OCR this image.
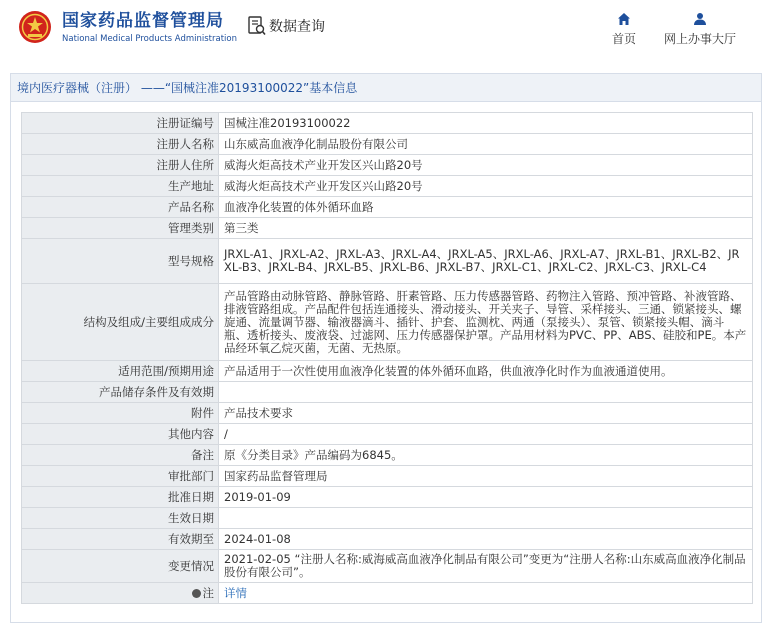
国家药品监督管理局
National Medical Products Administration
数据查询
首页 网上办事大厅
境内医疗器械（注册） ——“国械注准20193100022”基本信息
注册证编号	国械注准20193100022
注册人名称	山东威高血液净化制品股份有限公司
注册人住所	威海火炬高技术产业开发区兴山路20号
生产地址	威海火炬高技术产业开发区兴山路20号
产品名称	血液净化装置的体外循环血路
管理类别	第三类
型号规格	JRXL-A1、JRXL-A2、JRXL-A3、JRXL-A4、JRXL-A5、JRXL-A6、JRXL-A7、JRXL-B1、JRXL-B2、JRXL-B3、JRXL-B4、JRXL-B5、JRXL-B6、JRXL-B7、JRXL-C1、JRXL-C2、JRXL-C3、JRXL-C4
结构及组成/主要组成成分	产品管路由动脉管路、静脉管路、肝素管路、压力传感器管路、药物注入管路、预冲管路、补液管路、排液管路组成。产品配件包括连通接头、滑动接头、开关夹子、导管、采样接头、三通、锁紧接头、螺旋通、流量调节器、输液器滴斗、插针、护套、监测枕、两通（泵接头）、泵管、锁紧接头帽、滴斗瓶、透析接头、废液袋、过滤网、压力传感器保护罩。产品用材料为PVC、PP、ABS、硅胶和PE。本产品经环氧乙烷灭菌，无菌、无热原。
适用范围/预期用途	产品适用于一次性使用血液净化装置的体外循环血路，供血液净化时作为血液通道使用。
产品储存条件及有效期	
附件	产品技术要求
其他内容	/
备注	原《分类目录》产品编码为6845。
审批部门	国家药品监督管理局
批准日期	2019-01-09
生效日期	
有效期至	2024-01-08
变更情况	2021-02-05 “注册人名称:威海威高血液净化制品有限公司”变更为“注册人名称:山东威高血液净化制品股份有限公司”。
注	详情
